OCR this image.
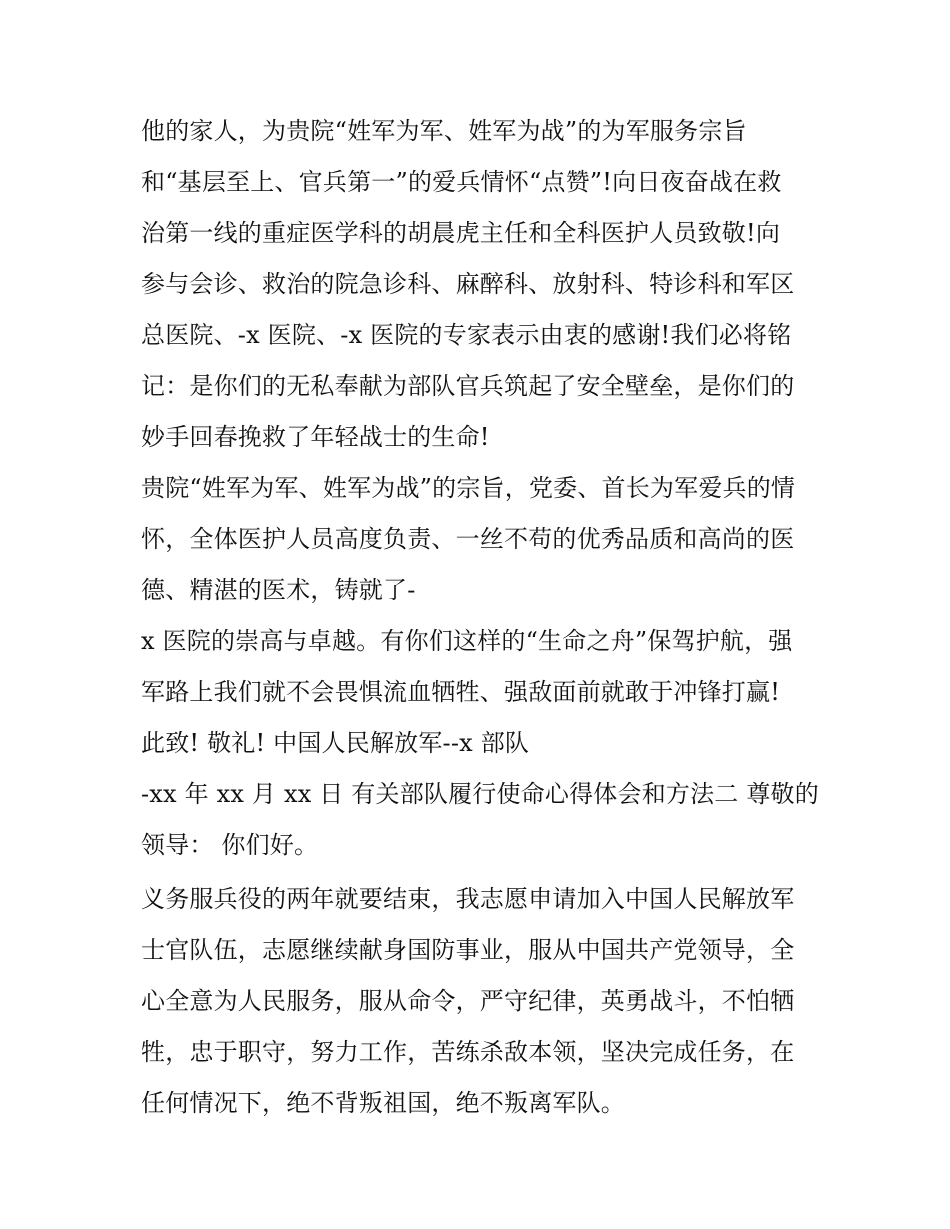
他的家人，为贵院“姓军为军、姓军为战”的为军服务宗旨
和“基层至上、官兵第一”的爱兵情怀“点赞”!向日夜奋战在救
治第一线的重症医学科的胡晨虎主任和全科医护人员致敬!向
参与会诊、救治的院急诊科、麻醉科、放射科、特诊科和军区
总医院、-x 医院、-x 医院的专家表示由衷的感谢!我们必将铭
记：是你们的无私奉献为部队官兵筑起了安全壁垒，是你们的
妙手回春挽救了年轻战士的生命!
贵院“姓军为军、姓军为战”的宗旨，党委、首长为军爱兵的情
怀，全体医护人员高度负责、一丝不苟的优秀品质和高尚的医
德、精湛的医术，铸就了-
x 医院的崇高与卓越。有你们这样的“生命之舟”保驾护航，强
军路上我们就不会畏惧流血牺牲、强敌面前就敢于冲锋打赢!
此致! 敬礼! 中国人民解放军--x 部队
-xx 年 xx 月 xx 日 有关部队履行使命心得体会和方法二 尊敬的
领导： 你们好。
义务服兵役的两年就要结束，我志愿申请加入中国人民解放军
士官队伍，志愿继续献身国防事业，服从中国共产党领导，全
心全意为人民服务，服从命令，严守纪律，英勇战斗，不怕牺
牲，忠于职守，努力工作，苦练杀敌本领，坚决完成任务，在
任何情况下，绝不背叛祖国，绝不叛离军队。
